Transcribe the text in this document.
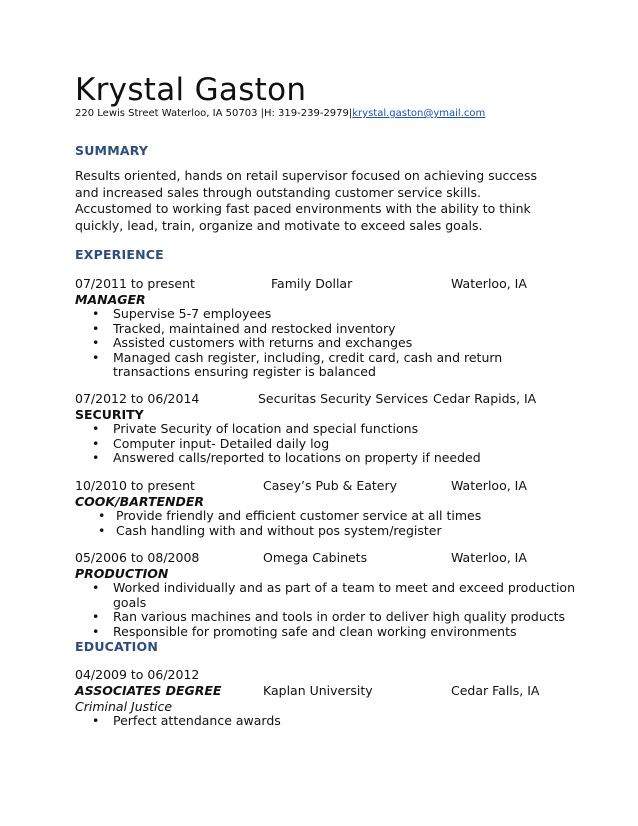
Krystal Gaston
220 Lewis Street Waterloo, IA 50703 |H: 319-239-2979|krystal.gaston@ymail.com
SUMMARY
Results oriented, hands on retail supervisor focused on achieving success and increased sales through outstanding customer service skills. Accustomed to working fast paced environments with the ability to think quickly, lead, train, organize and motivate to exceed sales goals.
EXPERIENCE
07/2011 to present	Family Dollar	Waterloo, IA
MANAGER
• Supervise 5-7 employees
• Tracked, maintained and restocked inventory
• Assisted customers with returns and exchanges
• Managed cash register, including, credit card, cash and return transactions ensuring register is balanced
07/2012 to 06/2014	Securitas Security Services Cedar Rapids, IA
SECURITY
• Private Security of location and special functions
• Computer input- Detailed daily log
• Answered calls/reported to locations on property if needed
10/2010 to present	Casey’s Pub & Eatery	Waterloo, IA
COOK/BARTENDER
• Provide friendly and efficient customer service at all times
• Cash handling with and without pos system/register
05/2006 to 08/2008	Omega Cabinets	Waterloo, IA
PRODUCTION
• Worked individually and as part of a team to meet and exceed production goals
• Ran various machines and tools in order to deliver high quality products
• Responsible for promoting safe and clean working environments
EDUCATION
04/2009 to 06/2012
ASSOCIATES DEGREE	Kaplan University	Cedar Falls, IA
Criminal Justice
• Perfect attendance awards
